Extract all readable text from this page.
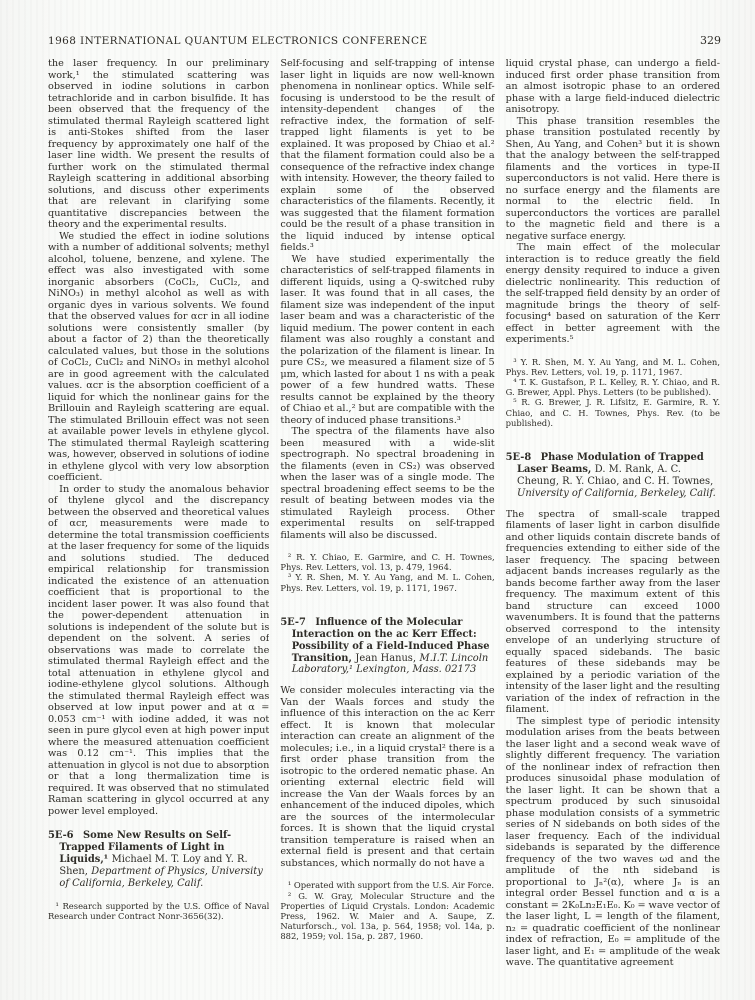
1968 INTERNATIONAL QUANTUM ELECTRONICS CONFERENCE	329

the laser frequency. In our preliminary work,¹ the stimulated scattering was observed in iodine solutions in carbon tetrachloride and in carbon bisulfide. It has been observed that the frequency of the stimulated thermal Rayleigh scattered light is anti-Stokes shifted from the laser frequency by approximately one half of the laser line width. We present the results of further work on the stimulated thermal Rayleigh scattering in additional absorbing solutions, and discuss other experiments that are relevant in clarifying some quantitative discrepancies between the theory and the experimental results.

We studied the effect in iodine solutions with a number of additional solvents; methyl alcohol, toluene, benzene, and xylene. The effect was also investigated with some inorganic absorbers (CoCl₂, CuCl₂, and NiNO₃) in methyl alcohol as well as with organic dyes in various solvents. We found that the observed values for αcr in all iodine solutions were consistently smaller (by about a factor of 2) than the theoretically calculated values, but those in the solutions of CoCl₂, CuCl₂ and NiNO₃ in methyl alcohol are in good agreement with the calculated values. αcr is the absorption coefficient of a liquid for which the nonlinear gains for the Brillouin and Rayleigh scattering are equal. The stimulated Brillouin effect was not seen at available power levels in ethylene glycol. The stimulated thermal Rayleigh scattering was, however, observed in solutions of iodine in ethylene glycol with very low absorption coefficient.

In order to study the anomalous behavior of thylene glycol and the discrepancy between the observed and theoretical values of αcr, measurements were made to determine the total transmission coefficients at the laser frequency for some of the liquids and solutions studied. The deduced empirical relationship for transmission indicated the existence of an attenuation coefficient that is proportional to the incident laser power. It was also found that the power-dependent attenuation in solutions is independent of the solute but is dependent on the solvent. A series of observations was made to correlate the stimulated thermal Rayleigh effect and the total attenuation in ethylene glycol and iodine-ethylene glycol solutions. Although the stimulated thermal Rayleigh effect was observed at low input power and at α = 0.053 cm⁻¹ with iodine added, it was not seen in pure glycol even at high power input where the measured attenuation coefficient was 0.12 cm⁻¹. This implies that the attenuation in glycol is not due to absorption or that a long thermalization time is required. It was observed that no stimulated Raman scattering in glycol occurred at any power level employed.

5E-6 Some New Results on Self-Trapped Filaments of Light in Liquids,¹ Michael M. T. Loy and Y. R. Shen, Department of Physics, University of California, Berkeley, Calif.

¹ Research supported by the U.S. Office of Naval Research under Contract Nonr-3656(32).

Self-focusing and self-trapping of intense laser light in liquids are now well-known phenomena in nonlinear optics. While self-focusing is understood to be the result of intensity-dependent changes of the refractive index, the formation of self-trapped light filaments is yet to be explained. It was proposed by Chiao et al.² that the filament formation could also be a consequence of the refractive index change with intensity. However, the theory failed to explain some of the observed characteristics of the filaments. Recently, it was suggested that the filament formation could be the result of a phase transition in the liquid induced by intense optical fields.³

We have studied experimentally the characteristics of self-trapped filaments in different liquids, using a Q-switched ruby laser. It was found that in all cases, the filament size was independent of the input laser beam and was a characteristic of the liquid medium. The power content in each filament was also roughly a constant and the polarization of the filament is linear. In pure CS₂, we measured a filament size of 5 μm, which lasted for about 1 ns with a peak power of a few hundred watts. These results cannot be explained by the theory of Chiao et al.,² but are compatible with the theory of induced phase transitions.³

The spectra of the filaments have also been measured with a wide-slit spectrograph. No spectral broadening in the filaments (even in CS₂) was observed when the laser was of a single mode. The spectral broadening effect seems to be the result of beating between modes via the stimulated Rayleigh process. Other experimental results on self-trapped filaments will also be discussed.

² R. Y. Chiao, E. Garmire, and C. H. Townes, Phys. Rev. Letters, vol. 13, p. 479, 1964.

³ Y. R. Shen, M. Y. Au Yang, and M. L. Cohen, Phys. Rev. Letters, vol. 19, p. 1171, 1967.

5E-7 Influence of the Molecular Interaction on the ac Kerr Effect: Possibility of a Field-Induced Phase Transition, Jean Hanus, M.I.T. Lincoln Laboratory,¹ Lexington, Mass. 02173

We consider molecules interacting via the Van der Waals forces and study the influence of this interaction on the ac Kerr effect. It is known that molecular interaction can create an alignment of the molecules; i.e., in a liquid crystal² there is a first order phase transition from the isotropic to the ordered nematic phase. An orienting external electric field will increase the Van der Waals forces by an enhancement of the induced dipoles, which are the sources of the intermolecular forces. It is shown that the liquid crystal transition temperature is raised when an external field is present and that certain substances, which normally do not have a

¹ Operated with support from the U.S. Air Force.

² G. W. Gray, Molecular Structure and the Properties of Liquid Crystals. London: Academic Press, 1962. W. Maier and A. Saupe, Z. Naturforsch., vol. 13a, p. 564, 1958; vol. 14a, p. 882, 1959; vol. 15a, p. 287, 1960.

liquid crystal phase, can undergo a field-induced first order phase transition from an almost isotropic phase to an ordered phase with a large field-induced dielectric anisotropy.

This phase transition resembles the phase transition postulated recently by Shen, Au Yang, and Cohen³ but it is shown that the analogy between the self-trapped filaments and the vortices in type-II superconductors is not valid. Here there is no surface energy and the filaments are normal to the electric field. In superconductors the vortices are parallel to the magnetic field and there is a negative surface energy.

The main effect of the molecular interaction is to reduce greatly the field energy density required to induce a given dielectric nonlinearity. This reduction of the self-trapped field density by an order of magnitude brings the theory of self-focusing⁴ based on saturation of the Kerr effect in better agreement with the experiments.⁵

³ Y. R. Shen, M. Y. Au Yang, and M. L. Cohen, Phys. Rev. Letters, vol. 19, p. 1171, 1967.

⁴ T. K. Gustafson, P. L. Kelley, R. Y. Chiao, and R. G. Brewer, Appl. Phys. Letters (to be published).

⁵ R. G. Brewer, J. R. Lifsitz, E. Garmire, R. Y. Chiao, and C. H. Townes, Phys. Rev. (to be published).

5E-8 Phase Modulation of Trapped Laser Beams, D. M. Rank, A. C. Cheung, R. Y. Chiao, and C. H. Townes, University of California, Berkeley, Calif.

The spectra of small-scale trapped filaments of laser light in carbon disulfide and other liquids contain discrete bands of frequencies extending to either side of the laser frequency. The spacing between adjacent bands increases regularly as the bands become farther away from the laser frequency. The maximum extent of this band structure can exceed 1000 wavenumbers. It is found that the patterns observed correspond to the intensity envelope of an underlying structure of equally spaced sidebands. The basic features of these sidebands may be explained by a periodic variation of the intensity of the laser light and the resulting variation of the index of refraction in the filament.

The simplest type of periodic intensity modulation arises from the beats between the laser light and a second weak wave of slightly different frequency. The variation of the nonlinear index of refraction then produces sinusoidal phase modulation of the laser light. It can be shown that a spectrum produced by such sinusoidal phase modulation consists of a symmetric series of N sidebands on both sides of the laser frequency. Each of the individual sidebands is separated by the difference frequency of the two waves ωd and the amplitude of the nth sideband is proportional to Jₙ²(α), where Jₙ is an integral order Bessel function and α is a constant = 2K₀Ln₂E₁E₀. K₀ = wave vector of the laser light, L = length of the filament, n₂ = quadratic coefficient of the nonlinear index of refraction, E₀ = amplitude of the laser light, and E₁ = amplitude of the weak wave. The quantitative agreement
